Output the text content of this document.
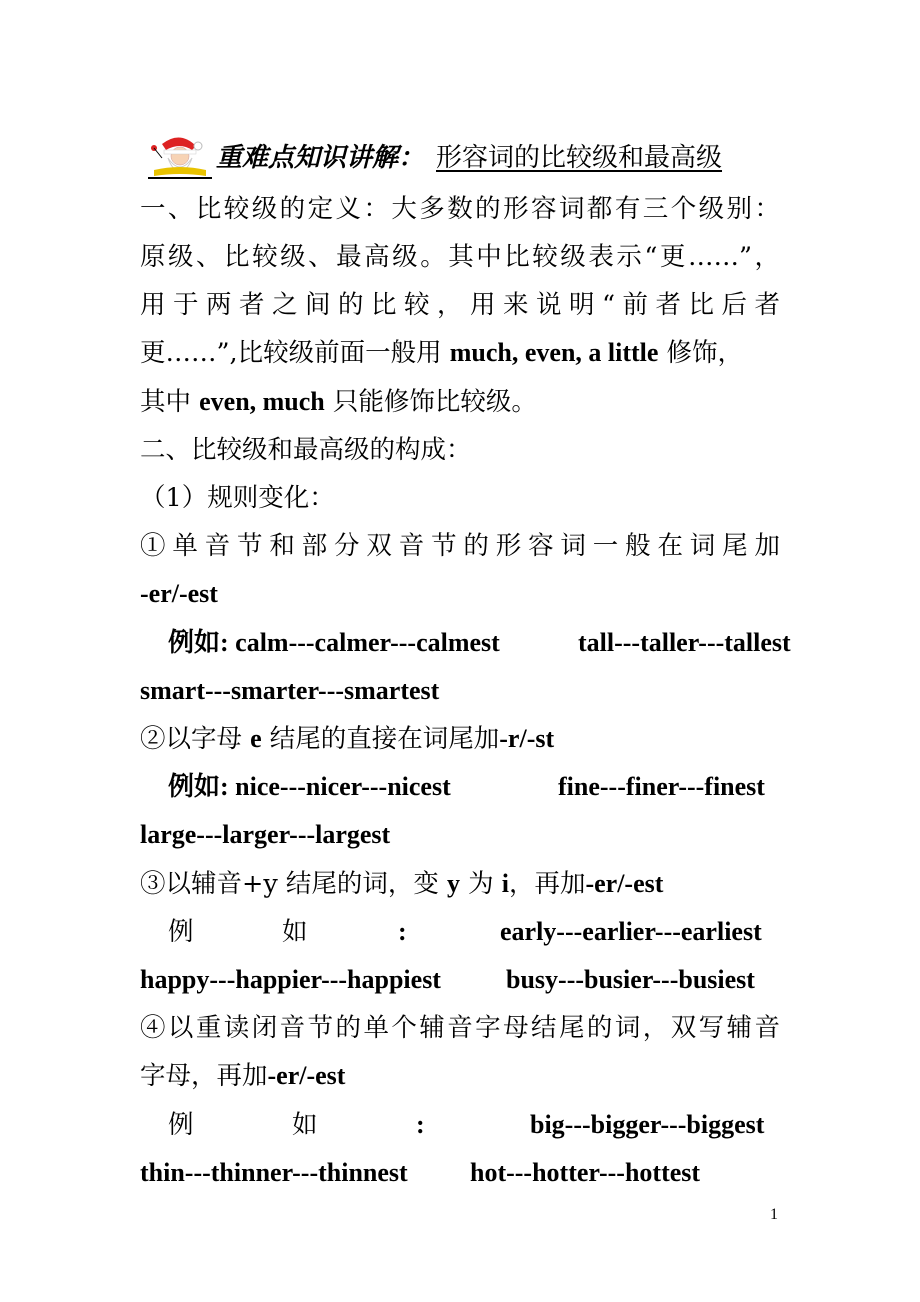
重难点知识讲解： 形容词的比较级和最高级
一、比较级的定义：大多数的形容词都有三个级别：
原级、比较级、最高级。其中比较级表示“更……”，
用于两者之间的比较，用来说明“前者比后者
更……”,比较级前面一般用 much, even, a little 修饰，
其中 even, much 只能修饰比较级。
二、比较级和最高级的构成：
（1）规则变化：
①单音节和部分双音节的形容词一般在词尾加
-er/-est
例如: calm---calmer---calmest	tall---taller---tallest
smart---smarter---smartest
②以字母 e 结尾的直接在词尾加-r/-st
例如: nice---nicer---nicest	fine---finer---finest
large---larger---largest
③以辅音+y 结尾的词，变 y 为 i，再加-er/-est
例	如	:	early---earlier---earliest
happy---happier---happiest	busy---busier---busiest
④以重读闭音节的单个辅音字母结尾的词，双写辅音
字母，再加-er/-est
例	如	:	big---bigger---biggest
thin---thinner---thinnest hot---hotter---hottest
1
